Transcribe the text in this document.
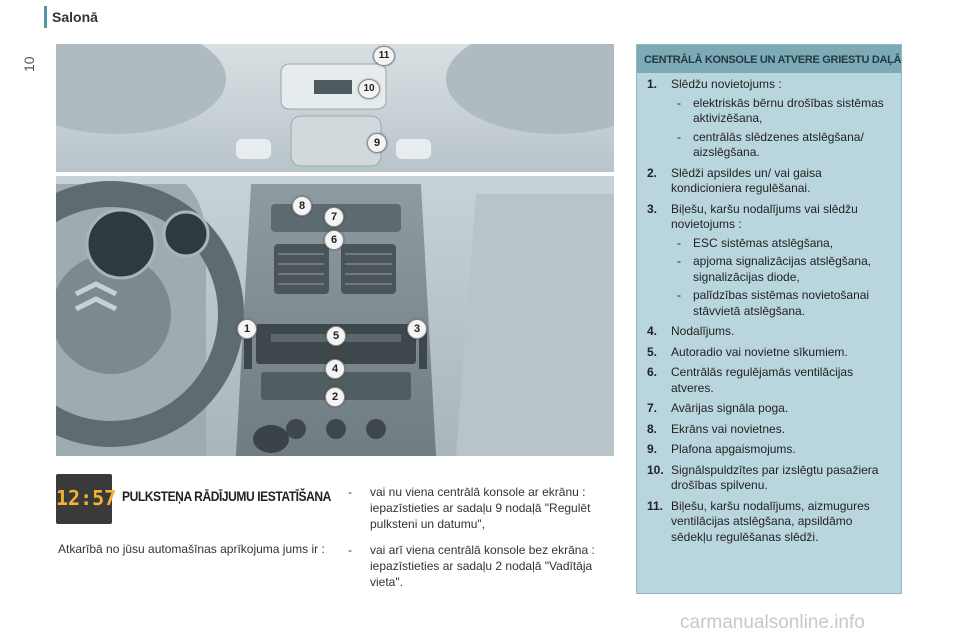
Salonā
10
11
10
9
8
7
6
5
1	3
4
2
12:57 PULKSTEŅA RĀDĪJUMU IESTATĪŠANA
Atkarībā no jūsu automašīnas aprīkojuma jums ir :
- vai nu viena centrālā konsole ar ekrānu : iepazīstieties ar sadaļu 9 nodaļā "Regulēt pulksteni un datumu",
- vai arī viena centrālā konsole bez ekrāna : iepazīstieties ar sadaļu 2 nodaļā "Vadītāja vieta".
CENTRĀLĀ KONSOLE UN ATVERE GRIESTU DAĻĀ
1. Slēdžu novietojums :
- elektriskās bērnu drošības sistēmas aktivizēšana,
- centrālās slēdzenes atslēgšana/ aizslēgšana.
2. Slēdži apsildes un/ vai gaisa kondicioniera regulēšanai.
3. Biļešu, karšu nodalījums vai slēdžu novietojums :
- ESC sistēmas atslēgšana,
- apjoma signalizācijas atslēgšana, signalizācijas diode,
- palīdzības sistēmas novietošanai stāvvietā atslēgšana.
4. Nodalījums.
5. Autoradio vai novietne sīkumiem.
6. Centrālās regulējamās ventilācijas atveres.
7. Avārijas signāla poga.
8. Ekrāns vai novietnes.
9. Plafona apgaismojums.
10. Signālspuldzītes par izslēgtu pasažiera drošības spilvenu.
11. Biļešu, karšu nodalījums, aizmugures ventilācijas atslēgšana, apsildāmo sēdekļu regulēšanas slēdži.
carmanualsonline.info
